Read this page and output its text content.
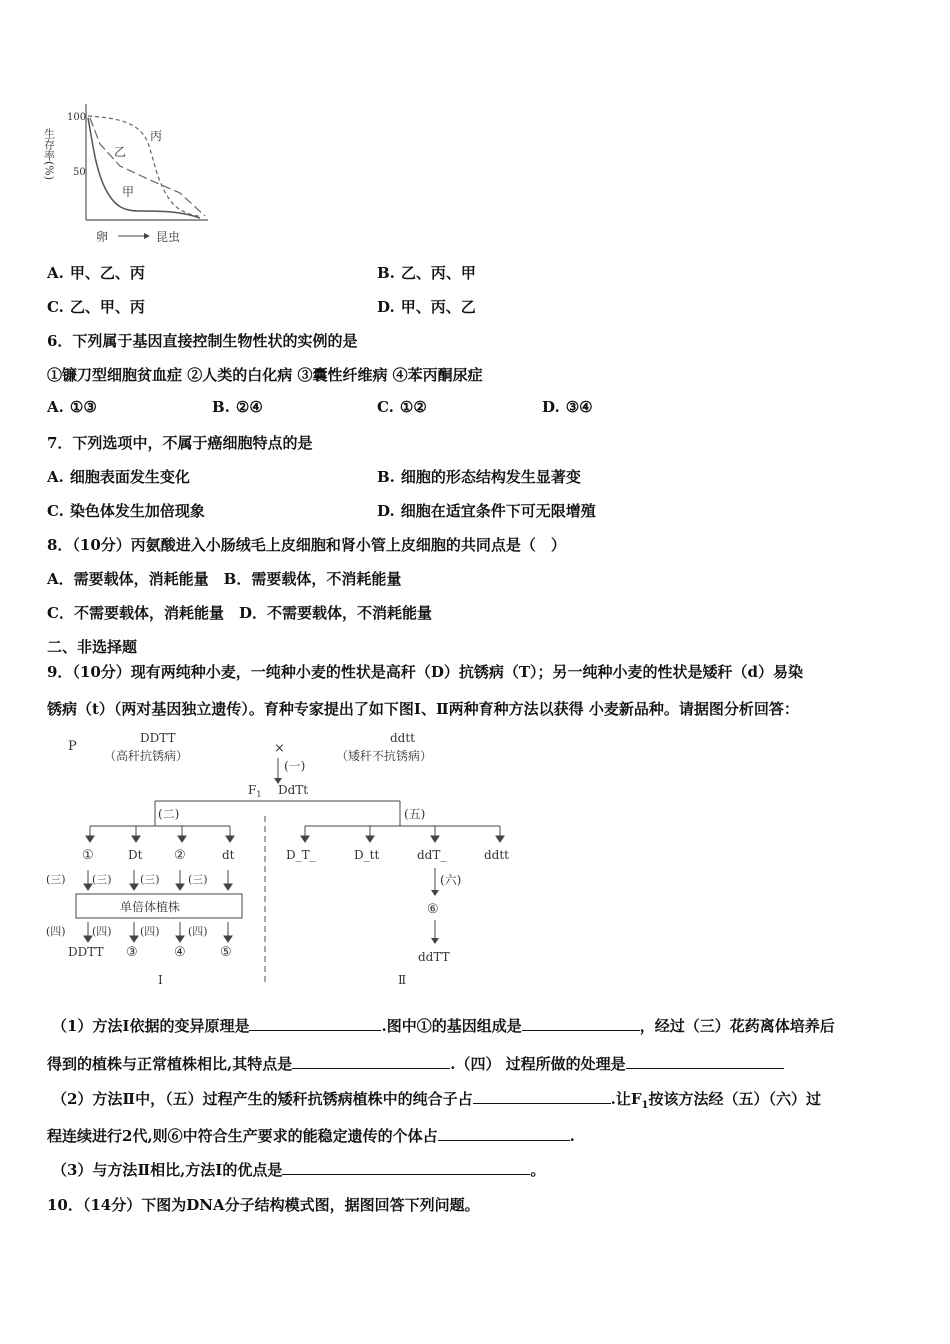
100
50
生存率(%)	丙
乙
甲
卵	昆虫
A. 甲、乙、丙	B. 乙、丙、甲
C. 乙、甲、丙	D. 甲、丙、乙
6．下列属于基因直接控制生物性状的实例的是
①镰刀型细胞贫血症 ②人类的白化病 ③囊性纤维病 ④苯丙酮尿症
A. ①③	B. ②④	C. ①②	D. ③④
7．下列选项中，不属于癌细胞特点的是
A. 细胞表面发生变化	B. 细胞的形态结构发生显著变
C. 染色体发生加倍现象	D. 细胞在适宜条件下可无限增殖
8．（10分）丙氨酸进入小肠绒毛上皮细胞和肾小管上皮细胞的共同点是（　）
A．需要载体，消耗能量　B．需要载体，不消耗能量
C．不需要载体，消耗能量　D．不需要载体，不消耗能量
二、非选择题
9．（10分）现有两纯种小麦，一纯种小麦的性状是高秆（D）抗锈病（T）；另一纯种小麦的性状是矮秆（d）易染
锈病（t）（两对基因独立遗传）。育种专家提出了如下图Ⅰ、Ⅱ两种育种方法以获得 小麦新品种。请据图分析回答：
P
DDTT
（高秆抗锈病）	×
ddtt
（矮秆不抗锈病）
(一)
$F_1$ DdTt
(二)	(五)
①	Dt ②	dt
(三) (三)	(三)	(三)
单倍体植株
(四) (四)	(四)	(四)
DDTT ③	④	⑤
Ⅰ
D_T_	D_tt	ddT_	ddtt
(六)
⑥
ddTT
Ⅱ
（1）方法Ⅰ依据的变异原理是	.图中①的基因组成是	，经过（三）花药离体培养后
得到的植株与正常植株相比,其特点是	.（四） 过程所做的处理是
（2）方法Ⅱ中，（五）过程产生的矮秆抗锈病植株中的纯合子占	.让$F_1$按该方法经（五）（六）过
程连续进行2代,则⑥中符合生产要求的能稳定遗传的个体占	.
（3）与方法Ⅱ相比,方法Ⅰ的优点是	。
10．（14分）下图为DNA分子结构模式图，据图回答下列问题。
